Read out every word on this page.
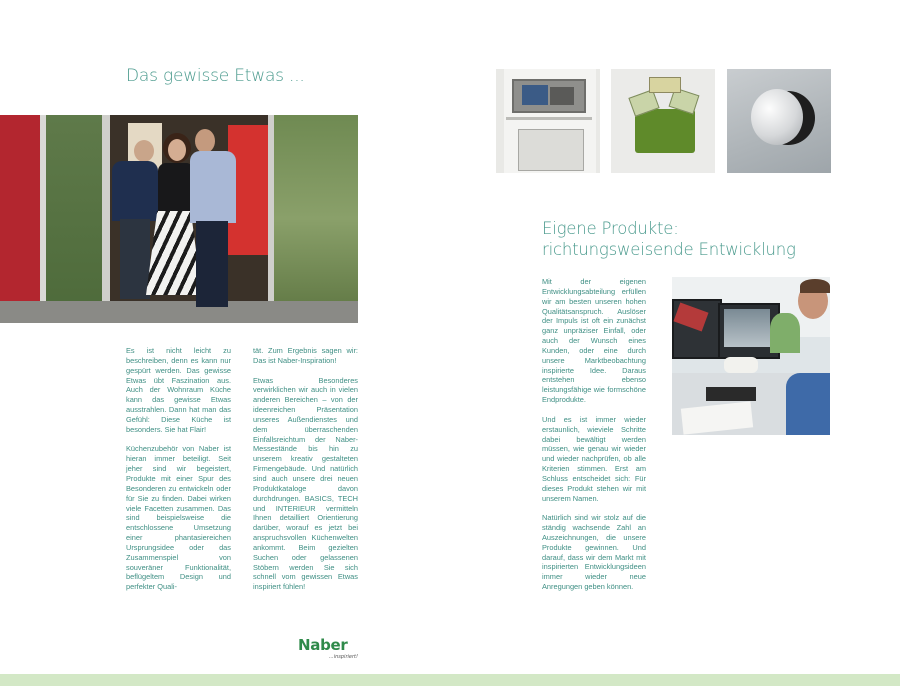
Das gewisse Etwas ...

Es ist nicht leicht zu beschreiben, denn es kann nur gespürt werden. Das gewisse Etwas übt Faszination aus. Auch der Wohnraum Küche kann das gewisse Etwas ausstrahlen. Dann hat man das Gefühl: Diese Küche ist besonders. Sie hat Flair!

Küchenzubehör von Naber ist hieran immer beteiligt. Seit jeher sind wir begeistert, Produkte mit einer Spur des Besonderen zu entwickeln oder für Sie zu finden. Dabei wirken viele Facetten zusammen. Das sind beispielsweise die entschlossene Umsetzung einer phantasiereichen Ursprungsidee oder das Zusammenspiel von souveräner Funktionalität, beflügeltem Design und perfekter Quali-

tät. Zum Ergebnis sagen wir: Das ist Naber-Inspiration!

Etwas Besonderes verwirklichen wir auch in vielen anderen Bereichen – von der ideenreichen Präsentation unseres Außendienstes und dem überraschenden Einfallsreichtum der Naber-Messestände bis hin zu unserem kreativ gestalteten Firmengebäude. Und natürlich sind auch unsere drei neuen Produktkataloge davon durchdrungen. BASICS, TECH und INTERIEUR vermitteln Ihnen detailliert Orientierung darüber, worauf es jetzt bei anspruchsvollen Küchenwelten ankommt. Beim gezielten Suchen oder gelassenen Stöbern werden Sie sich schnell vom gewissen Etwas inspiriert fühlen!

Eigene Produkte:
richtungsweisende Entwicklung

Mit der eigenen Entwicklungsabteilung erfüllen wir am besten unseren hohen Qualitätsanspruch. Auslöser der Impuls ist oft ein zunächst ganz unpräziser Einfall, oder auch der Wunsch eines Kunden, oder eine durch unsere Marktbeobachtung inspirierte Idee. Daraus entstehen ebenso leistungsfähige wie formschöne Endprodukte.

Und es ist immer wieder erstaunlich, wieviele Schritte dabei bewältigt werden müssen, wie genau wir wieder und wieder nachprüfen, ob alle Kriterien stimmen. Erst am Schluss entscheidet sich: Für dieses Produkt stehen wir mit unserem Namen.

Natürlich sind wir stolz auf die ständig wachsende Zahl an Auszeichnungen, die unsere Produkte gewinnen. Und darauf, dass wir dem Markt mit inspirierten Entwicklungsideen immer wieder neue Anregungen geben können.

Naber
...inspiriert!
